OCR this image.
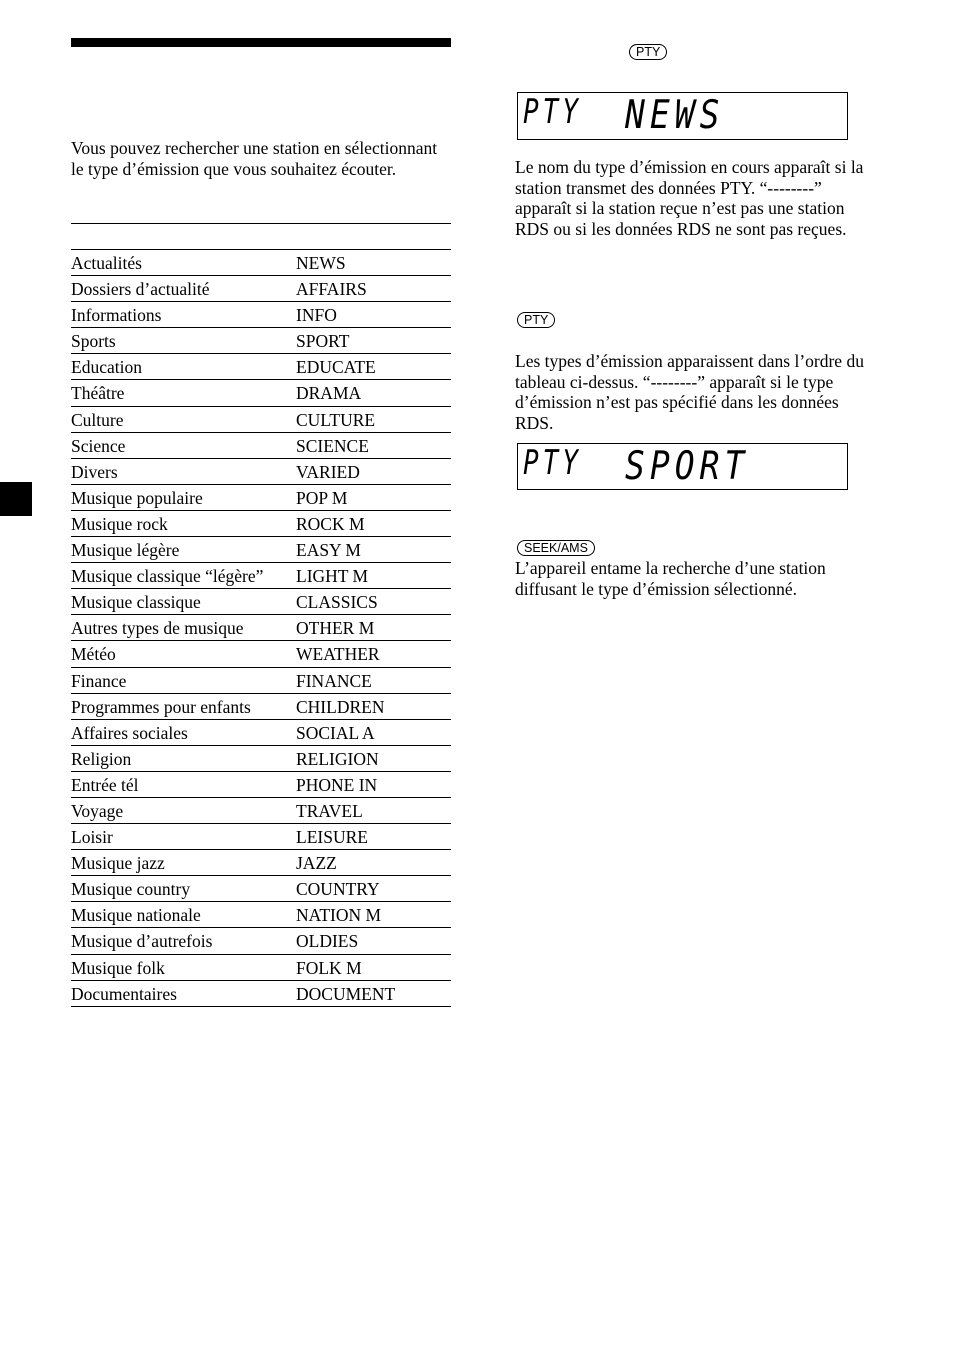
Vous pouvez rechercher une station en sélectionnant le type d’émission que vous souhaitez écouter.

Actualités	NEWS
Dossiers d’actualité	AFFAIRS
Informations	INFO
Sports	SPORT
Education	EDUCATE
Théâtre	DRAMA
Culture	CULTURE
Science	SCIENCE
Divers	VARIED
Musique populaire	POP M
Musique rock	ROCK M
Musique légère	EASY M
Musique classique “légère” LIGHT M
Musique classique	CLASSICS
Autres types de musique	OTHER M
Météo	WEATHER
Finance	FINANCE
Programmes pour enfants	CHILDREN
Affaires sociales	SOCIAL A
Religion	RELIGION
Entrée tél	PHONE IN
Voyage	TRAVEL
Loisir	LEISURE
Musique jazz	JAZZ
Musique country	COUNTRY
Musique nationale	NATION M
Musique d’autrefois	OLDIES
Musique folk	FOLK M
Documentaires	DOCUMENT
PTY
PTY NEWS

Le nom du type d’émission en cours apparaît si la station transmet des données PTY. “--------” apparaît si la station reçue n’est pas une station RDS ou si les données RDS ne sont pas reçues.

PTY

Les types d’émission apparaissent dans l’ordre du tableau ci-dessus. “--------” apparaît si le type d’émission n’est pas spécifié dans les données RDS.

PTY SPORT
SEEK/AMS

L’appareil entame la recherche d’une station diffusant le type d’émission sélectionné.
